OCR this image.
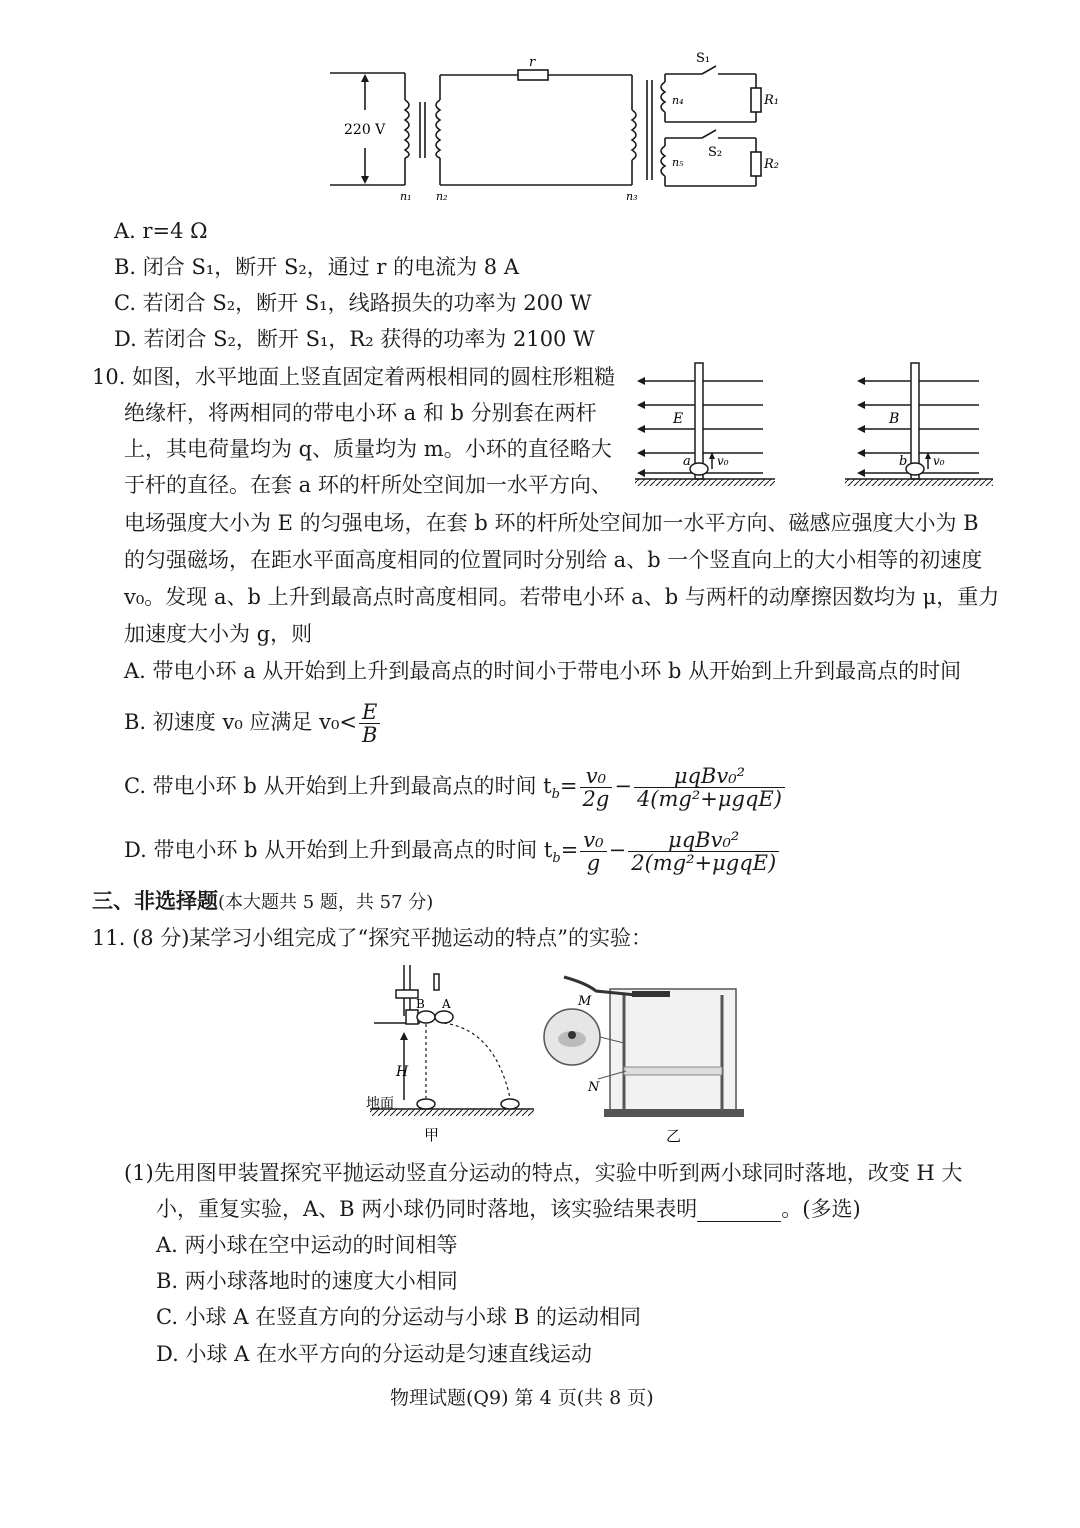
220 V
r	S₁
S₂
R₁
R₂
n₁ n₂	n₃
n₄
n₅
A. r=4 Ω
B. 闭合 S₁，断开 S₂，通过 r 的电流为 8 A
C. 若闭合 S₂，断开 S₁，线路损失的功率为 200 W
D. 若闭合 S₂，断开 S₁，R₂ 获得的功率为 2100 W
10. 如图，水平地面上竖直固定着两根相同的圆柱形粗糙
绝缘杆，将两相同的带电小环 a 和 b 分别套在两杆
上，其电荷量均为 q、质量均为 m。小环的直径略大
于杆的直径。在套 a 环的杆所处空间加一水平方向、
电场强度大小为 E 的匀强电场，在套 b 环的杆所处空间加一水平方向、磁感应强度大小为 B
的匀强磁场，在距水平面高度相同的位置同时分别给 a、b 一个竖直向上的大小相等的初速度
v₀。发现 a、b 上升到最高点时高度相同。若带电小环 a、b 与两杆的动摩擦因数均为 μ，重力
加速度大小为 g，则
E
a v₀
B
b v₀
A. 带电小环 a 从开始到上升到最高点的时间小于带电小环 b 从开始到上升到最高点的时间
B. 初速度 v₀ 应满足 $v_0< \frac{E}{B}$
C. 带电小环 b 从开始到上升到最高点的时间 $t_b= \frac{\text{v₀}}{2g} - \frac{\text{μqBv₀²}}{\text{4(mg²+μgqE)}}$
D. 带电小环 b 从开始到上升到最高点的时间 $t_b= \frac{\text{v₀}}{g} - \frac{\text{μqBv₀²}}{\text{2(mg²+μgqE)}}$
三、非选择题(本大题共 5 题，共 57 分)
11. (8 分)某学习小组完成了“探究平抛运动的特点”的实验：
B A
H
地面
甲
M
N
乙
(1)先用图甲装置探究平抛运动竖直分运动的特点，实验中听到两小球同时落地，改变 H 大
小，重复实验，A、B 两小球仍同时落地，该实验结果表明	。(多选)
A. 两小球在空中运动的时间相等
B. 两小球落地时的速度大小相同
C. 小球 A 在竖直方向的分运动与小球 B 的运动相同
D. 小球 A 在水平方向的分运动是匀速直线运动
物理试题(Q9) 第 4 页(共 8 页)
